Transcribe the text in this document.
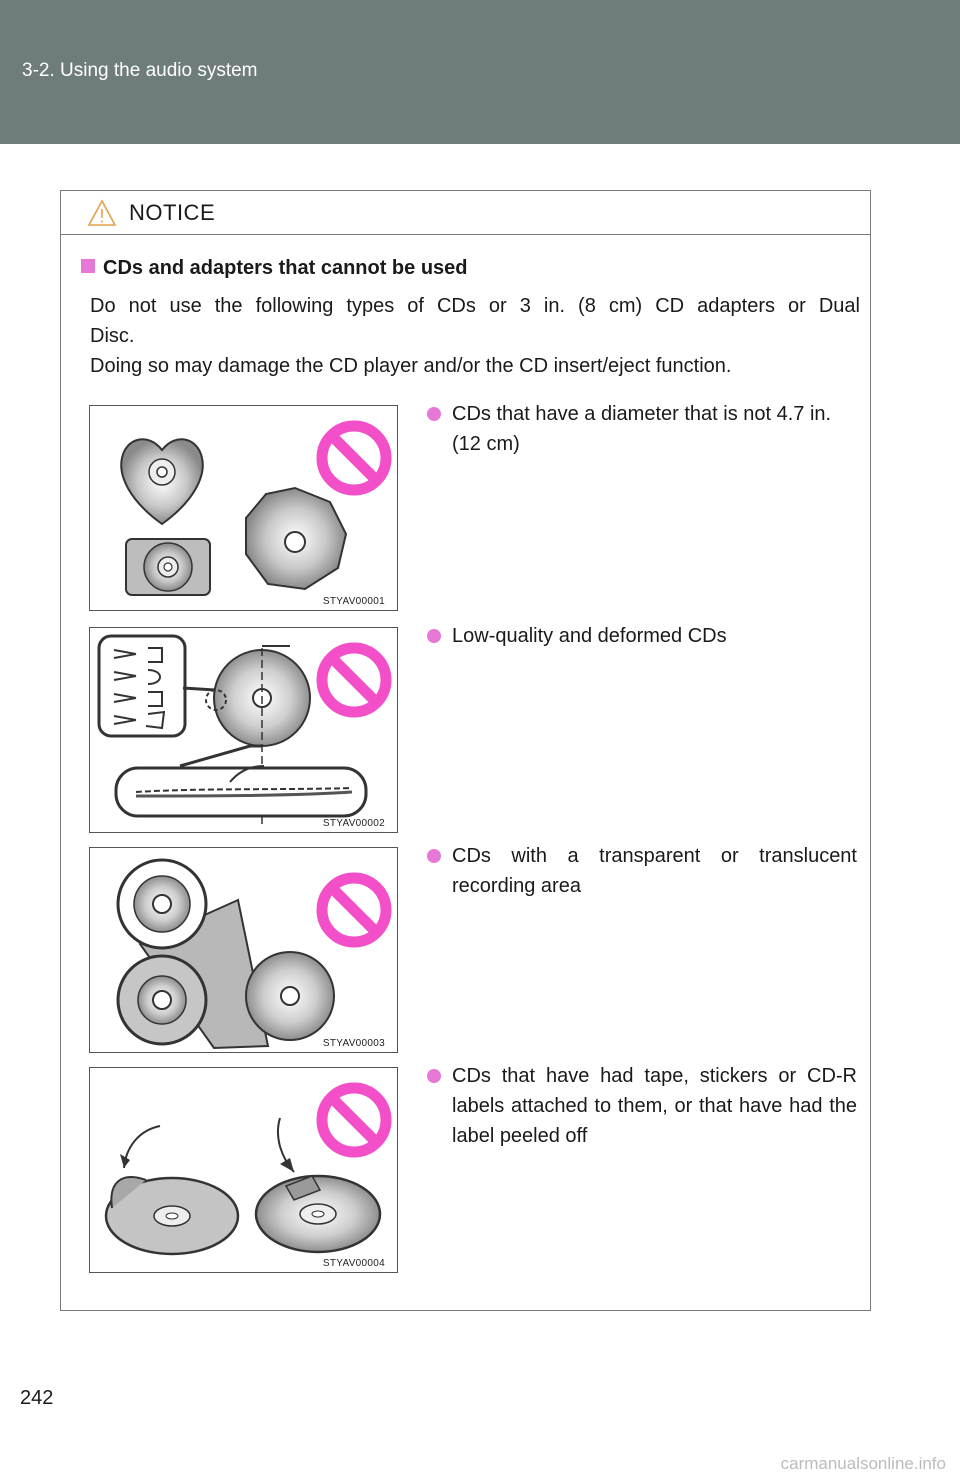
3-2. Using the audio system
NOTICE
CDs and adapters that cannot be used
Do not use the following types of CDs or 3 in. (8 cm) CD adapters or Dual
Disc.
Doing so may damage the CD player and/or the CD insert/eject function.
STYAV00001
CDs that have a diameter that is not 4.7 in. (12 cm)
STYAV00002
Low-quality and deformed CDs
STYAV00003
CDs with a transparent or translucent recording area
STYAV00004
CDs that have had tape, stickers or CD-R labels attached to them, or that have had the label peeled off
242
carmanualsonline.info
